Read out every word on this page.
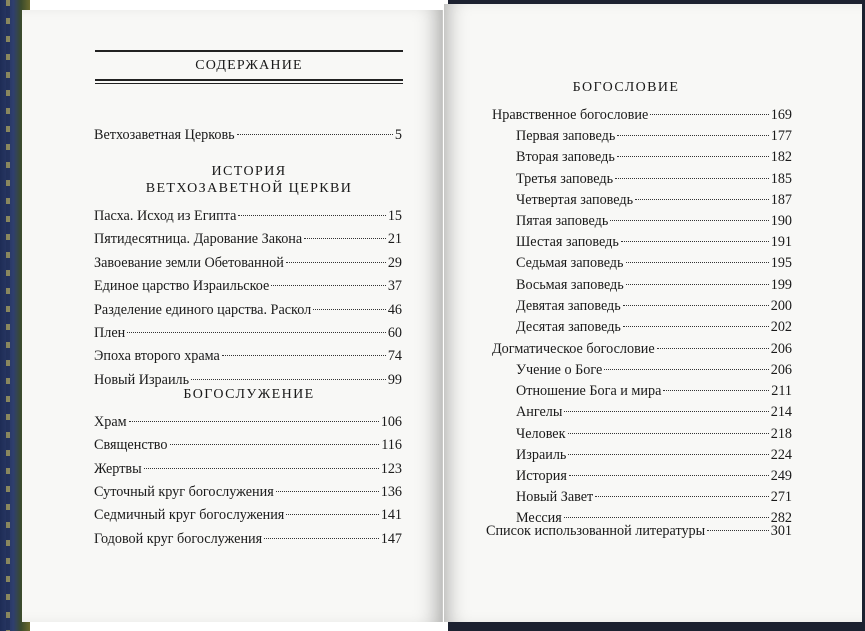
СОДЕРЖАНИЕ
Ветхозаветная Церковь	5
ИСТОРИЯ
ВЕТХОЗАВЕТНОЙ ЦЕРКВИ
Пасха. Исход из Египта	15
Пятидесятница. Дарование Закона	21
Завоевание земли Обетованной	29
Единое царство Израильское	37
Разделение единого царства. Раскол	46
Плен	60
Эпоха второго храма	74
Новый Израиль	99
БОГОСЛУЖЕНИЕ
Храм	106
Священство	116
Жертвы	123
Суточный круг богослужения	136
Седмичный круг богослужения	141
Годовой круг богослужения	147
БОГОСЛОВИЕ
Нравственное богословие	169
Первая заповедь	177
Вторая заповедь	182
Третья заповедь	185
Четвертая заповедь	187
Пятая заповедь	190
Шестая заповедь	191
Седьмая заповедь	195
Восьмая заповедь	199
Девятая заповедь	200
Десятая заповедь	202
Догматическое богословие	206
Учение о Боге	206
Отношение Бога и мира	211
Ангелы	214
Человек	218
Израиль	224
История	249
Новый Завет	271
Мессия	282
Список использованной литературы	301
